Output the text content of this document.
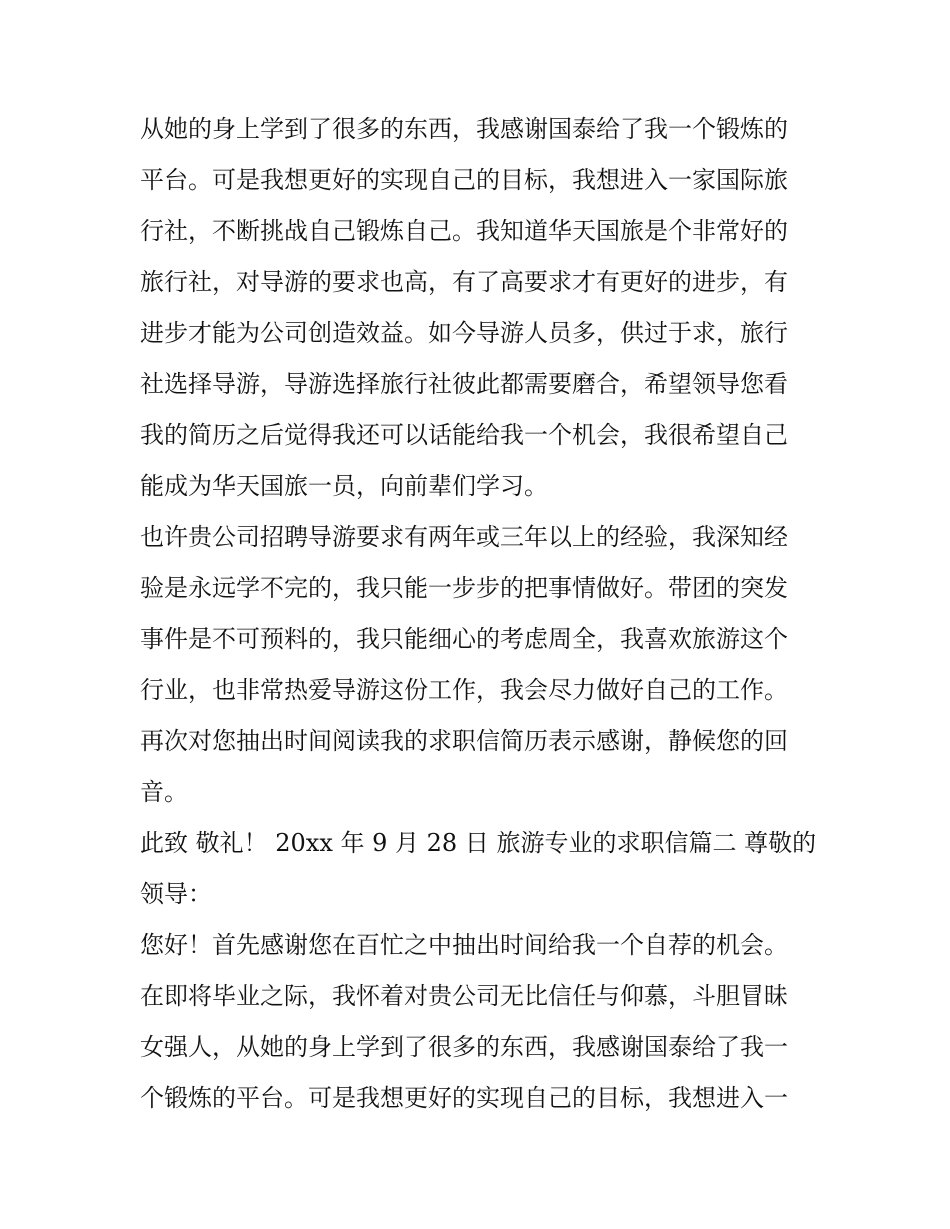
从她的身上学到了很多的东西，我感谢国泰给了我一个锻炼的
平台。可是我想更好的实现自己的目标，我想进入一家国际旅
行社，不断挑战自己锻炼自己。我知道华天国旅是个非常好的
旅行社，对导游的要求也高，有了高要求才有更好的进步，有
进步才能为公司创造效益。如今导游人员多，供过于求，旅行
社选择导游，导游选择旅行社彼此都需要磨合，希望领导您看
我的简历之后觉得我还可以话能给我一个机会，我很希望自己
能成为华天国旅一员，向前辈们学习。
也许贵公司招聘导游要求有两年或三年以上的经验，我深知经
验是永远学不完的，我只能一步步的把事情做好。带团的突发
事件是不可预料的，我只能细心的考虑周全，我喜欢旅游这个
行业，也非常热爱导游这份工作，我会尽力做好自己的工作。
再次对您抽出时间阅读我的求职信简历表示感谢，静候您的回
音。
此致 敬礼！ 20xx 年 9 月 28 日 旅游专业的求职信篇二 尊敬的
领导：
您好！首先感谢您在百忙之中抽出时间给我一个自荐的机会。
在即将毕业之际，我怀着对贵公司无比信任与仰慕，斗胆冒昧
女强人，从她的身上学到了很多的东西，我感谢国泰给了我一
个锻炼的平台。可是我想更好的实现自己的目标，我想进入一
